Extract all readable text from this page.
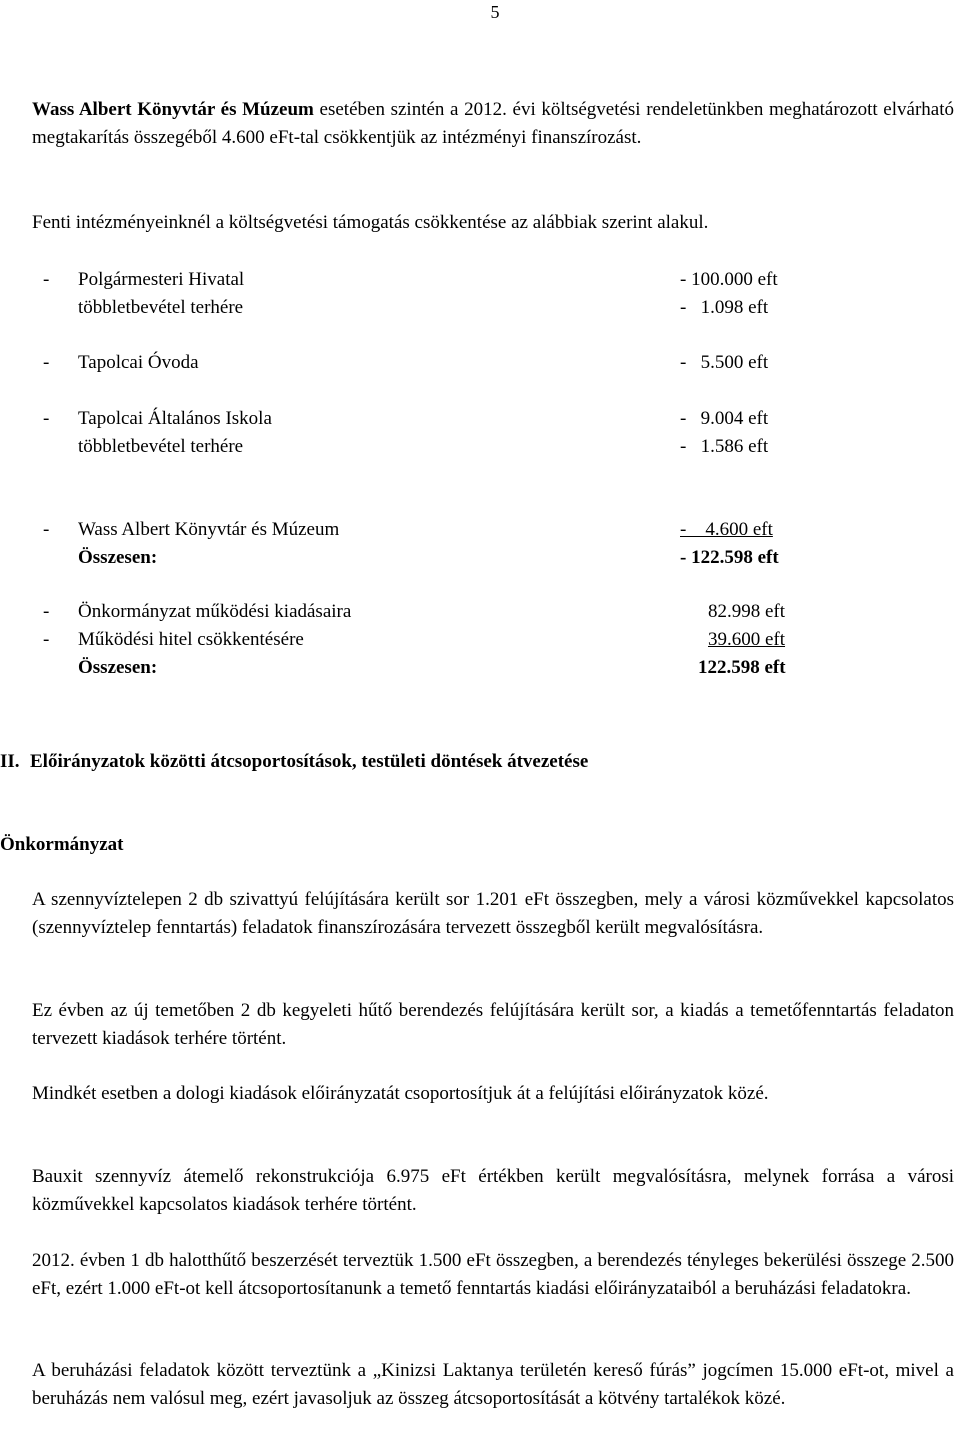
5

Wass Albert Könyvtár és Múzeum esetében szintén a 2012. évi költségvetési rendeletünkben meghatározott elvárható megtakarítás összegéből 4.600 eFt-tal csökkentjük az intézményi finanszírozást.

Fenti intézményeinknél a költségvetési támogatás csökkentése az alábbiak szerint alakul.

- Polgármesteri Hivatal	- 100.000 eft
többletbevétel terhére	-   1.098 eft
- Tapolcai Óvoda	-   5.500 eft
- Tapolcai Általános Iskola	-   9.004 eft
többletbevétel terhére	-   1.586 eft
- Wass Albert Könyvtár és Múzeum	-    4.600 eft
Összesen:	- 122.598 eft
- Önkormányzat működési kiadásaira	82.998 eft
- Működési hitel csökkentésére	39.600 eft
Összesen:	122.598 eft
II. Előirányzatok közötti átcsoportosítások, testületi döntések átvezetése
Önkormányzat

A szennyvíztelepen 2 db szivattyú felújítására került sor 1.201 eFt összegben, mely a városi közművekkel kapcsolatos (szennyvíztelep fenntartás) feladatok finanszírozására tervezett összegből került megvalósításra.

Ez évben az új temetőben 2 db kegyeleti hűtő berendezés felújítására került sor, a kiadás a temetőfenntartás feladaton tervezett kiadások terhére történt.

Mindkét esetben a dologi kiadások előirányzatát csoportosítjuk át a felújítási előirányzatok közé.

Bauxit szennyvíz átemelő rekonstrukciója 6.975 eFt értékben került megvalósításra, melynek forrása a városi közművekkel kapcsolatos kiadások terhére történt.

2012. évben 1 db halotthűtő beszerzését terveztük 1.500 eFt összegben, a berendezés tényleges bekerülési összege 2.500 eFt, ezért 1.000 eFt-ot kell átcsoportosítanunk a temető fenntartás kiadási előirányzataiból a beruházási feladatokra.

A beruházási feladatok között terveztünk a „Kinizsi Laktanya területén kereső fúrás” jogcímen 15.000 eFt-ot, mivel a beruházás nem valósul meg, ezért javasoljuk az összeg átcsoportosítását a kötvény tartalékok közé.
